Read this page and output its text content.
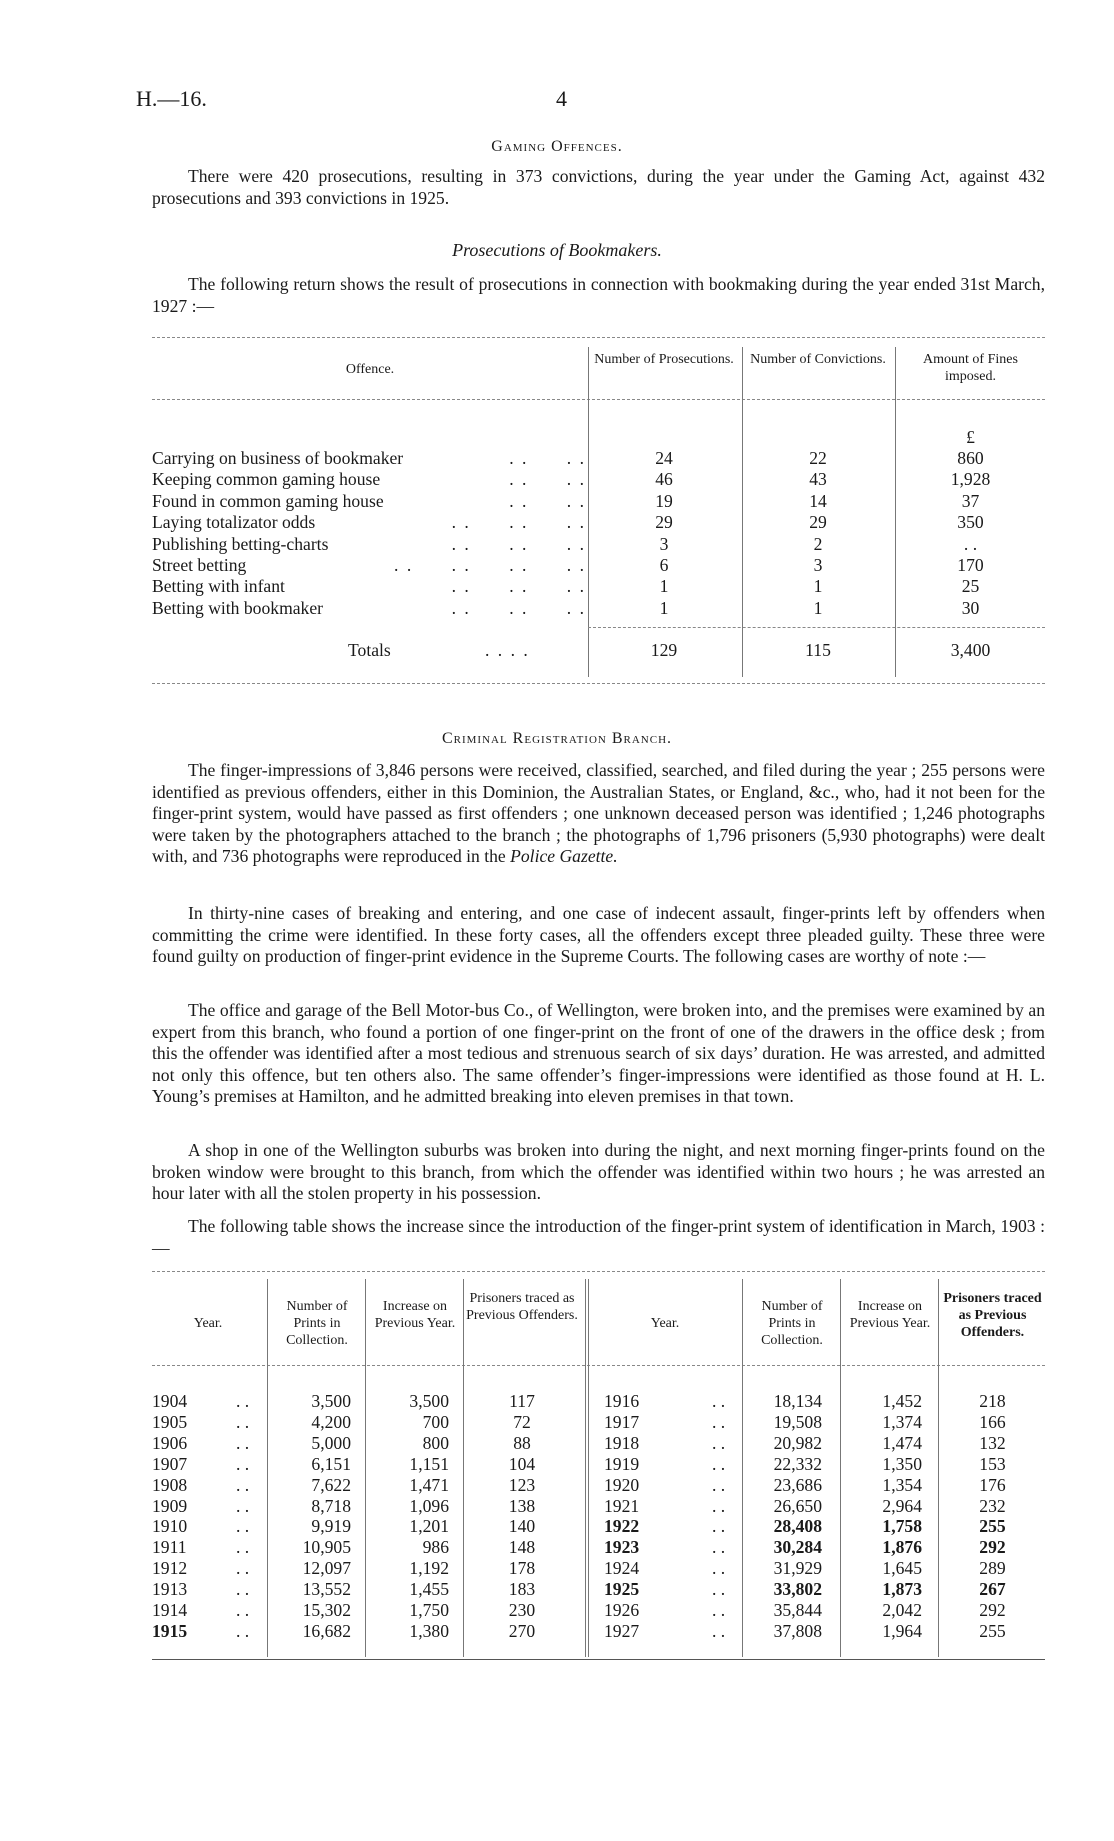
H.—16.	4
Gaming Offences.
There were 420 prosecutions, resulting in 373 convictions, during the year under the Gaming Act, against 432 prosecutions and 393 convictions in 1925.
Prosecutions of Bookmakers.
The following return shows the result of prosecutions in connection with bookmaking during the year ended 31st March, 1927 :—
Offence.
Number of Prosecutions.	Number of Convictions.	Amount of Fines imposed.
£
Carrying on business of bookmaker	. .      . .	24	22	860
Keeping common gaming house	. .      . .	46	43	1,928
Found in common gaming house	. .      . .	19	14	37
Laying totalizator odds	. .      . .      . .	29	29	350
Publishing betting-charts	. .      . .      . .	3	2	. .
Street betting	. .      . .      . .      . .	6	3	170
Betting with infant	. .      . .      . .	1	1	25
Betting with bookmaker	. .      . .      . .	1	1	30
Totals	. . . .	129	115	3,400
Criminal Registration Branch.
The finger-impressions of 3,846 persons were received, classified, searched, and filed during the year ; 255 persons were identified as previous offenders, either in this Dominion, the Australian States, or England, &c., who, had it not been for the finger-print system, would have passed as first offenders ; one unknown deceased person was identified ; 1,246 photographs were taken by the photographers attached to the branch ; the photographs of 1,796 prisoners (5,930 photographs) were dealt with, and 736 photographs were reproduced in the Police Gazette.
In thirty-nine cases of breaking and entering, and one case of indecent assault, finger-prints left by offenders when committing the crime were identified. In these forty cases, all the offenders except three pleaded guilty. These three were found guilty on production of finger-print evidence in the Supreme Courts. The following cases are worthy of note :—
The office and garage of the Bell Motor-bus Co., of Wellington, were broken into, and the premises were examined by an expert from this branch, who found a portion of one finger-print on the front of one of the drawers in the office desk ; from this the offender was identified after a most tedious and strenuous search of six days’ duration. He was arrested, and admitted not only this offence, but ten others also. The same offender’s finger-impressions were identified as those found at H. L. Young’s premises at Hamilton, and he admitted breaking into eleven premises in that town.
A shop in one of the Wellington suburbs was broken into during the night, and next morning finger-prints found on the broken window were brought to this branch, from which the offender was identified within two hours ; he was arrested an hour later with all the stolen property in his possession.
The following table shows the increase since the introduction of the finger-print system of identification in March, 1903 :—
Year.
Number of Prints in Collection.
Increase on Previous Year.
Prisoners traced as Previous Offenders.
Year.
Number of Prints in Collection.
Increase on Previous Year.
Prisoners traced as Previous Offenders.
1904	. .	3,500	3,500	117	1916	. .	18,134	1,452	218
1905	. .	4,200	700	72	1917	. .	19,508	1,374	166
1906	. .	5,000	800	88	1918	. .	20,982	1,474	132
1907	. .	6,151	1,151	104	1919	. .	22,332	1,350	153
1908	. .	7,622	1,471	123	1920	. .	23,686	1,354	176
1909	. .	8,718	1,096	138	1921	. .	26,650	2,964	232
1910	. .	9,919	1,201	140	1922	. .	28,408	1,758	255
1911	. .	10,905	986	148	1923	. .	30,284	1,876	292
1912	. .	12,097	1,192	178	1924	. .	31,929	1,645	289
1913	. .	13,552	1,455	183	1925	. .	33,802	1,873	267
1914	. .	15,302	1,750	230	1926	. .	35,844	2,042	292
1915	. .	16,682	1,380	270	1927	. .	37,808	1,964	255
